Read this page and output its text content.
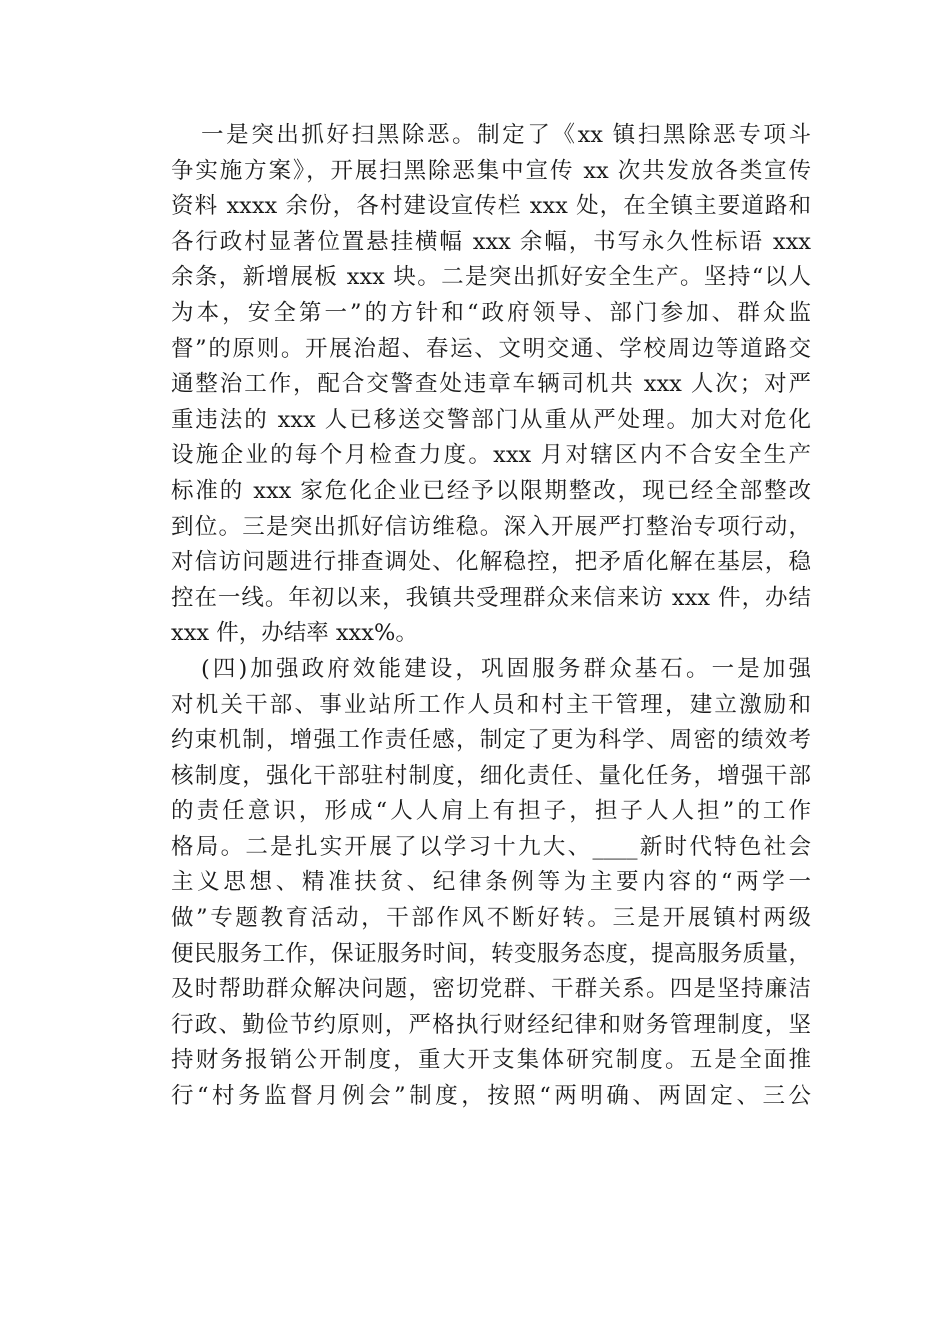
一是突出抓好扫黑除恶。制定了《xx 镇扫黑除恶专项斗
争实施方案》，开展扫黑除恶集中宣传 xx 次共发放各类宣传
资料 xxxx 余份，各村建设宣传栏 xxx 处，在全镇主要道路和
各行政村显著位置悬挂横幅 xxx 余幅，书写永久性标语 xxx
余条，新增展板 xxx 块。二是突出抓好安全生产。坚持“以人
为本，安全第一”的方针和“政府领导、部门参加、群众监
督”的原则。开展治超、春运、文明交通、学校周边等道路交
通整治工作，配合交警查处违章车辆司机共 xxx 人次；对严
重违法的 xxx 人已移送交警部门从重从严处理。加大对危化
设施企业的每个月检查力度。xxx 月对辖区内不合安全生产
标准的 xxx 家危化企业已经予以限期整改，现已经全部整改
到位。三是突出抓好信访维稳。深入开展严打整治专项行动，
对信访问题进行排查调处、化解稳控，把矛盾化解在基层，稳
控在一线。年初以来，我镇共受理群众来信来访 xxx 件，办结
xxx 件，办结率 xxx%。
(四)加强政府效能建设，巩固服务群众基石。一是加强
对机关干部、事业站所工作人员和村主干管理，建立激励和
约束机制，增强工作责任感，制定了更为科学、周密的绩效考
核制度，强化干部驻村制度，细化责任、量化任务，增强干部
的责任意识，形成“人人肩上有担子，担子人人担”的工作
格局。二是扎实开展了以学习十九大、____新时代特色社会
主义思想、精准扶贫、纪律条例等为主要内容的“两学一
做”专题教育活动，干部作风不断好转。三是开展镇村两级
便民服务工作，保证服务时间，转变服务态度，提高服务质量，
及时帮助群众解决问题，密切党群、干群关系。四是坚持廉洁
行政、勤俭节约原则，严格执行财经纪律和财务管理制度，坚
持财务报销公开制度，重大开支集体研究制度。五是全面推
行“村务监督月例会”制度，按照“两明确、两固定、三公
